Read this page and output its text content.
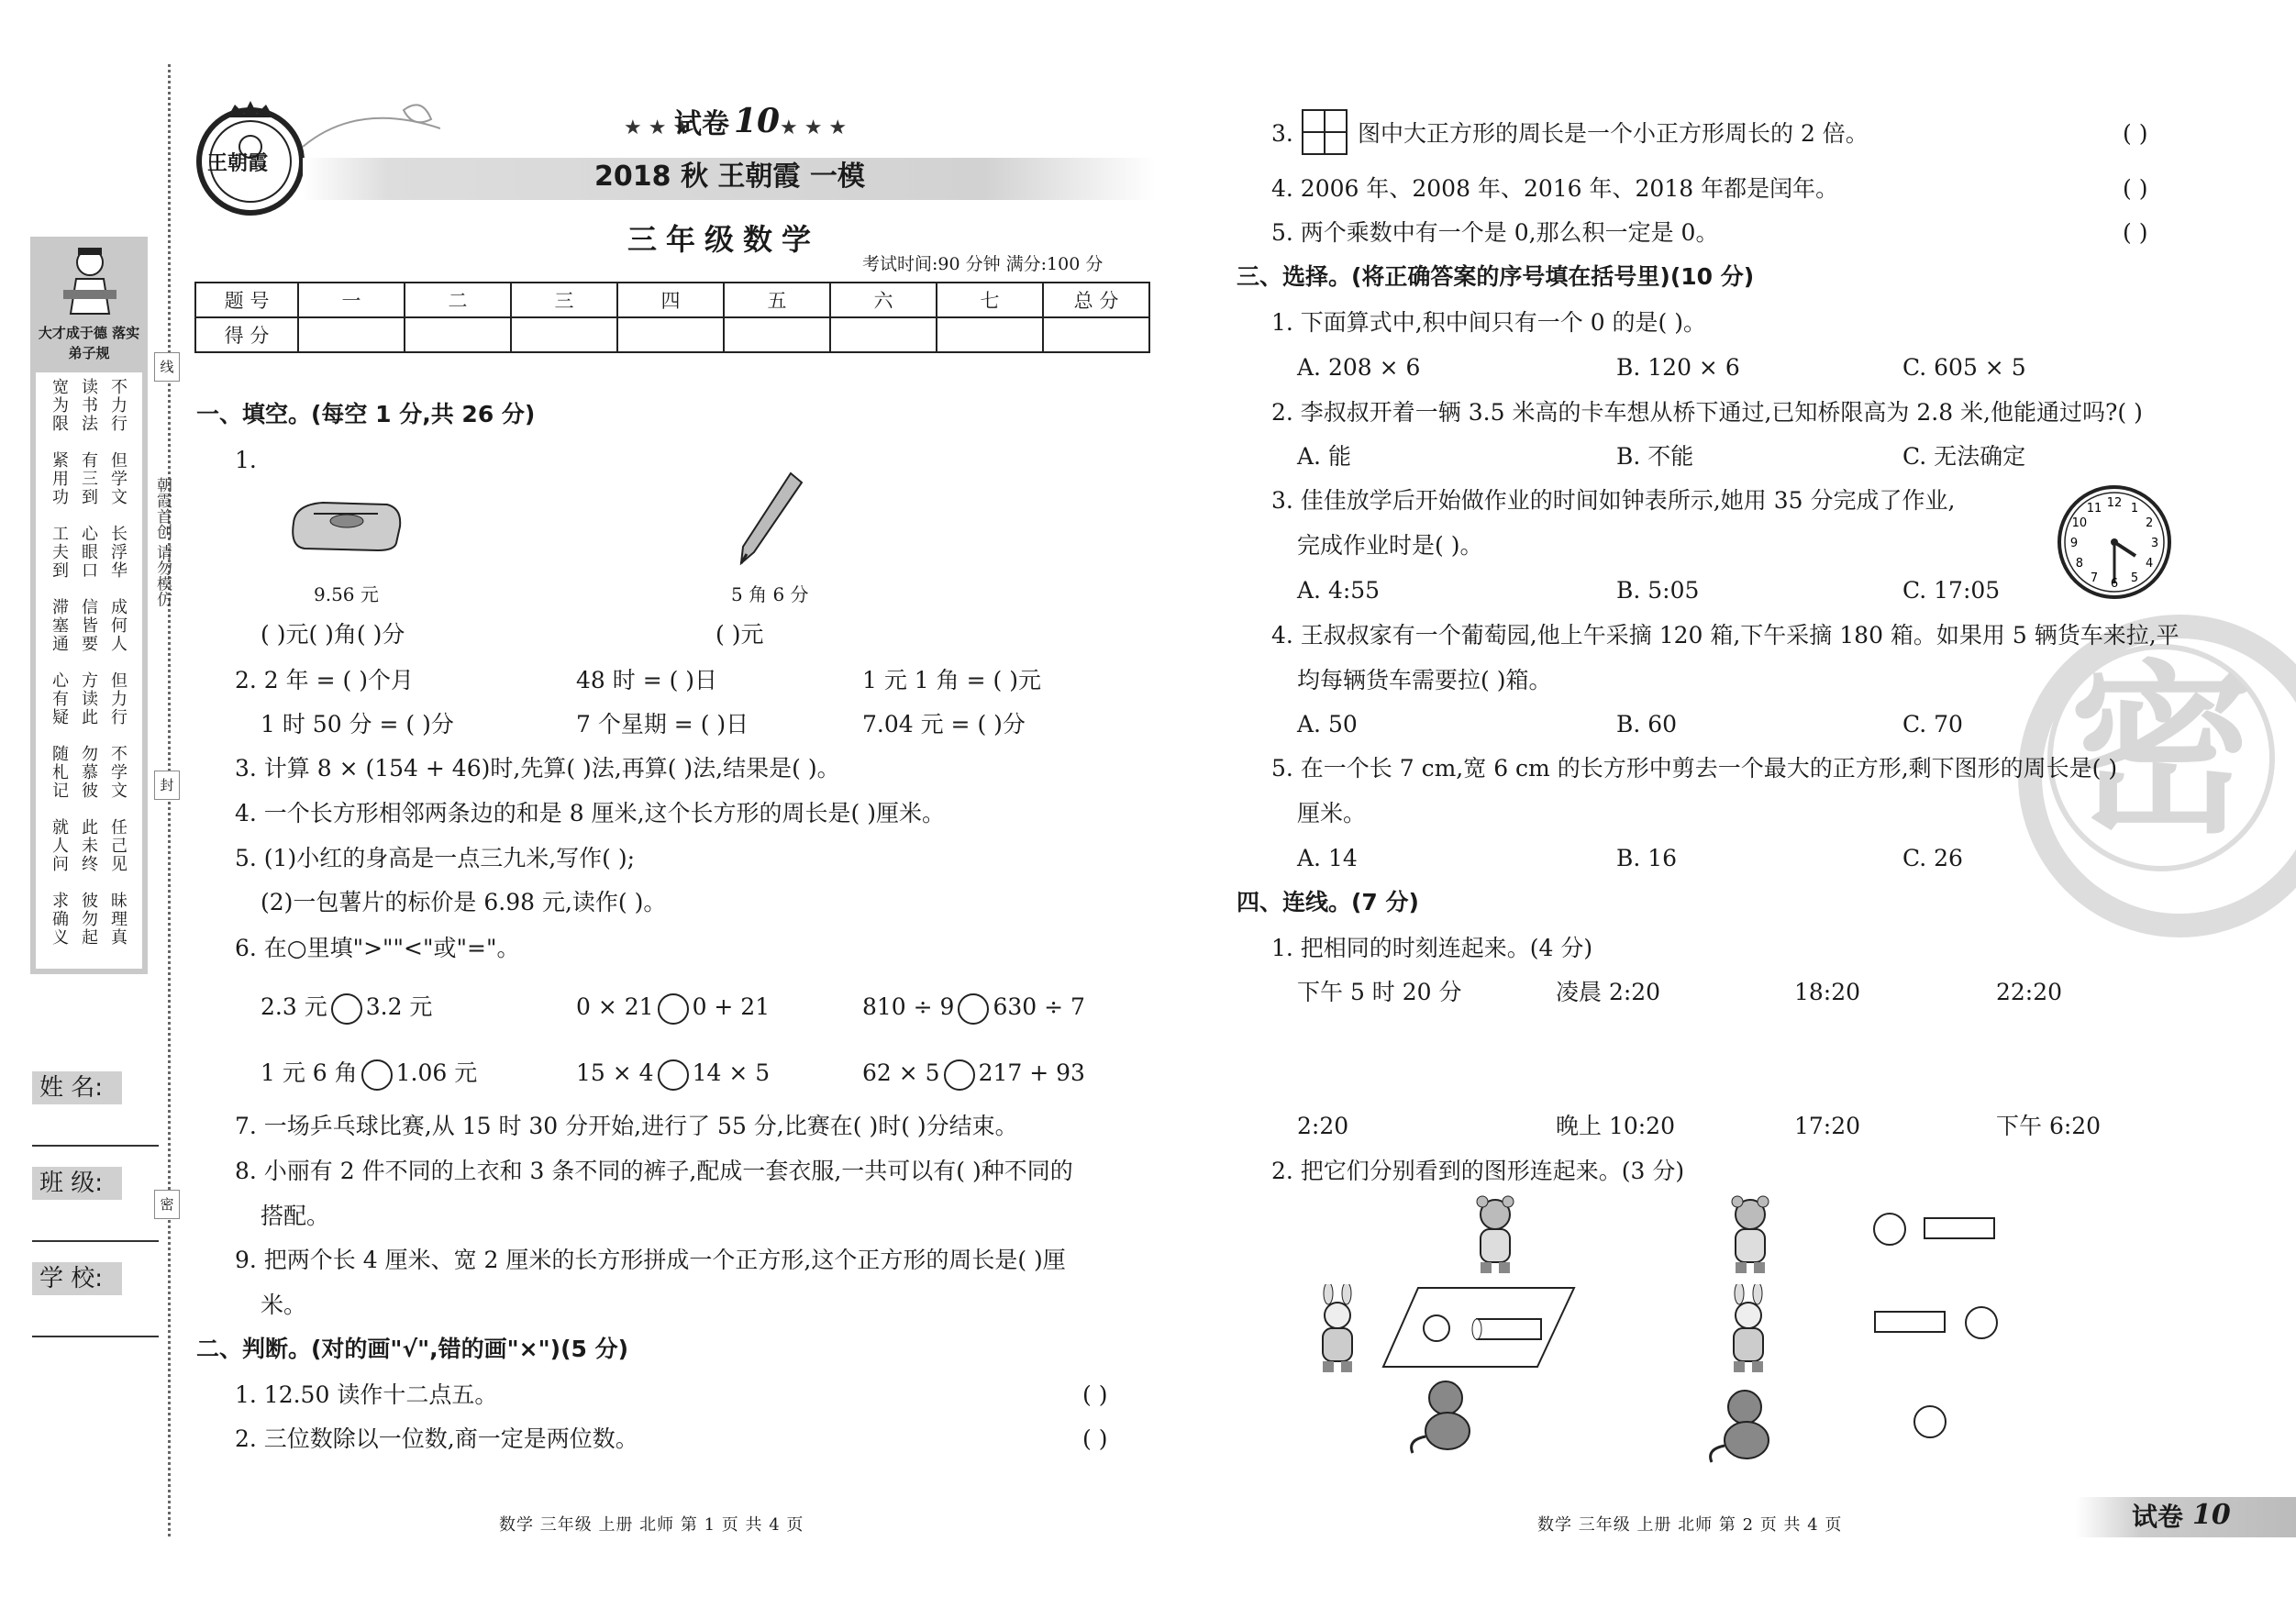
大才成于德 落实弟子规
宽为限 读书法 不力行
紧用功 有三到 但学文
工夫到 心眼口 长浮华
滞塞通 信皆要 成何人
心有疑 方读此 但力行
随札记 勿慕彼 不学文
就人问 此未终 任己见
求确义 彼勿起 昧理真
朝霞首创 请勿模仿
线
封
密
姓 名:
班 级:
学 校:
王朝霞
★ ★ ★
试卷 10 ★ ★ ★
2018 秋 王朝霞 一模
三年级数学
考试时间:90 分钟 满分:100 分
题 号	一	二	三	四	五	六	七	总 分
得 分								
一、填空。(每空 1 分,共 26 分)
1.
9.56 元	5 角 6 分
( )元( )角( )分	( )元
2. 2 年 = ( )个月	48 时 = ( )日	1 元 1 角 = ( )元
1 时 50 分 = ( )分	7 个星期 = ( )日	7.04 元 = ( )分
3. 计算 8 × (154 + 46)时,先算( )法,再算( )法,结果是( )。
4. 一个长方形相邻两条边的和是 8 厘米,这个长方形的周长是( )厘米。
5. (1)小红的身高是一点三九米,写作( );
(2)一包薯片的标价是 6.98 元,读作( )。
6. 在○里填">""<"或"="。
2.3 元 3.2 元	0 × 21 0 + 21	810 ÷ 9 630 ÷ 7
1 元 6 角 1.06 元	15 × 4 14 × 5	62 × 5 217 + 93
7. 一场乒乓球比赛,从 15 时 30 分开始,进行了 55 分,比赛在( )时( )分结束。
8. 小丽有 2 件不同的上衣和 3 条不同的裤子,配成一套衣服,一共可以有( )种不同的
搭配。
9. 把两个长 4 厘米、宽 2 厘米的长方形拼成一个正方形,这个正方形的周长是( )厘
米。
二、判断。(对的画"√",错的画"×")(5 分)
1. 12.50 读作十二点五。	( )
2. 三位数除以一位数,商一定是两位数。	( )
数学 三年级 上册 北师 第 1 页 共 4 页
密
3.	图中大正方形的周长是一个小正方形周长的 2 倍。	( )
4. 2006 年、2008 年、2016 年、2018 年都是闰年。	( )
5. 两个乘数中有一个是 0,那么积一定是 0。	( )
三、选择。(将正确答案的序号填在括号里)(10 分)
1. 下面算式中,积中间只有一个 0 的是( )。
A. 208 × 6	B. 120 × 6	C. 605 × 5
2. 李叔叔开着一辆 3.5 米高的卡车想从桥下通过,已知桥限高为 2.8 米,他能通过吗?( )
A. 能	B. 不能	C. 无法确定
3. 佳佳放学后开始做作业的时间如钟表所示,她用 35 分完成了作业,
完成作业时是( )。
1
2
3
4
5
6
7
8
9
10
11 12
A. 4:55	B. 5:05	C. 17:05
4. 王叔叔家有一个葡萄园,他上午采摘 120 箱,下午采摘 180 箱。如果用 5 辆货车来拉,平
均每辆货车需要拉( )箱。
A. 50	B. 60	C. 70
5. 在一个长 7 cm,宽 6 cm 的长方形中剪去一个最大的正方形,剩下图形的周长是( )
厘米。
A. 14	B. 16	C. 26
四、连线。(7 分)
1. 把相同的时刻连起来。(4 分)
下午 5 时 20 分	凌晨 2:20	18:20	22:20
2:20	晚上 10:20	17:20	下午 6:20
2. 把它们分别看到的图形连起来。(3 分)
数学 三年级 上册 北师 第 2 页 共 4 页	试卷 10
